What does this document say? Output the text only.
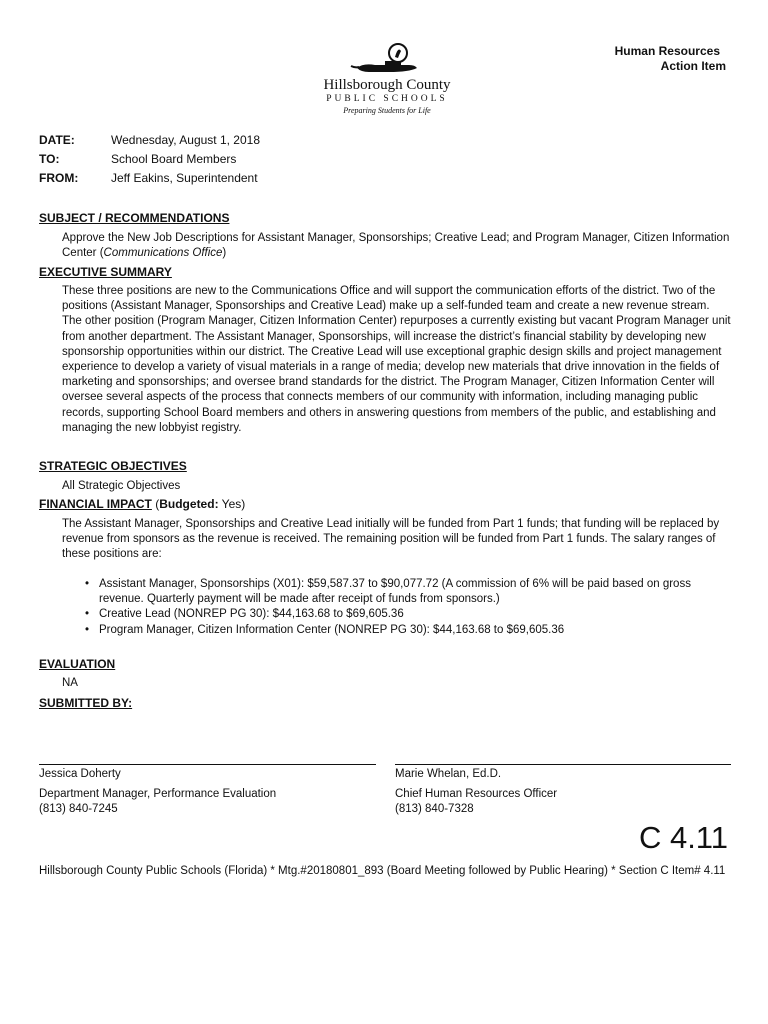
Hillsborough County
PUBLIC SCHOOLS
Preparing Students for Life
Human Resources
Action Item
DATE:	Wednesday, August 1, 2018
TO:	School Board Members
FROM:	Jeff Eakins, Superintendent
SUBJECT / RECOMMENDATIONS
Approve the New Job Descriptions for Assistant Manager, Sponsorships; Creative Lead; and Program Manager, Citizen Information Center (Communications Office)
EXECUTIVE SUMMARY
These three positions are new to the Communications Office and will support the communication efforts of the district. Two of the positions (Assistant Manager, Sponsorships and Creative Lead) make up a self-funded team and create a new revenue stream. The other position (Program Manager, Citizen Information Center) repurposes a currently existing but vacant Program Manager unit from another department. The Assistant Manager, Sponsorships, will increase the district’s financial stability by developing new sponsorship opportunities within our district. The Creative Lead will use exceptional graphic design skills and project management experience to develop a variety of visual materials in a range of media; develop new materials that drive innovation in the fields of marketing and sponsorships; and oversee brand standards for the district. The Program Manager, Citizen Information Center will oversee several aspects of the process that connects members of our community with information, including managing public records, supporting School Board members and others in answering questions from members of the public, and establishing and managing the new lobbyist registry.
STRATEGIC OBJECTIVES
All Strategic Objectives
FINANCIAL IMPACT (Budgeted: Yes)
The Assistant Manager, Sponsorships and Creative Lead initially will be funded from Part 1 funds; that funding will be replaced by revenue from sponsors as the revenue is received. The remaining position will be funded from Part 1 funds. The salary ranges of these positions are:
• Assistant Manager, Sponsorships (X01): $59,587.37 to $90,077.72 (A commission of 6% will be paid based on gross revenue. Quarterly payment will be made after receipt of funds from sponsors.)
• Creative Lead (NONREP PG 30): $44,163.68 to $69,605.36
• Program Manager, Citizen Information Center (NONREP PG 30): $44,163.68 to $69,605.36
EVALUATION
NA
SUBMITTED BY:
Jessica Doherty
Department Manager, Performance Evaluation
(813) 840-7245
Marie Whelan, Ed.D.
Chief Human Resources Officer
(813) 840-7328
C 4.11
Hillsborough County Public Schools (Florida) * Mtg.#20180801_893 (Board Meeting followed by Public Hearing) * Section C Item# 4.11
